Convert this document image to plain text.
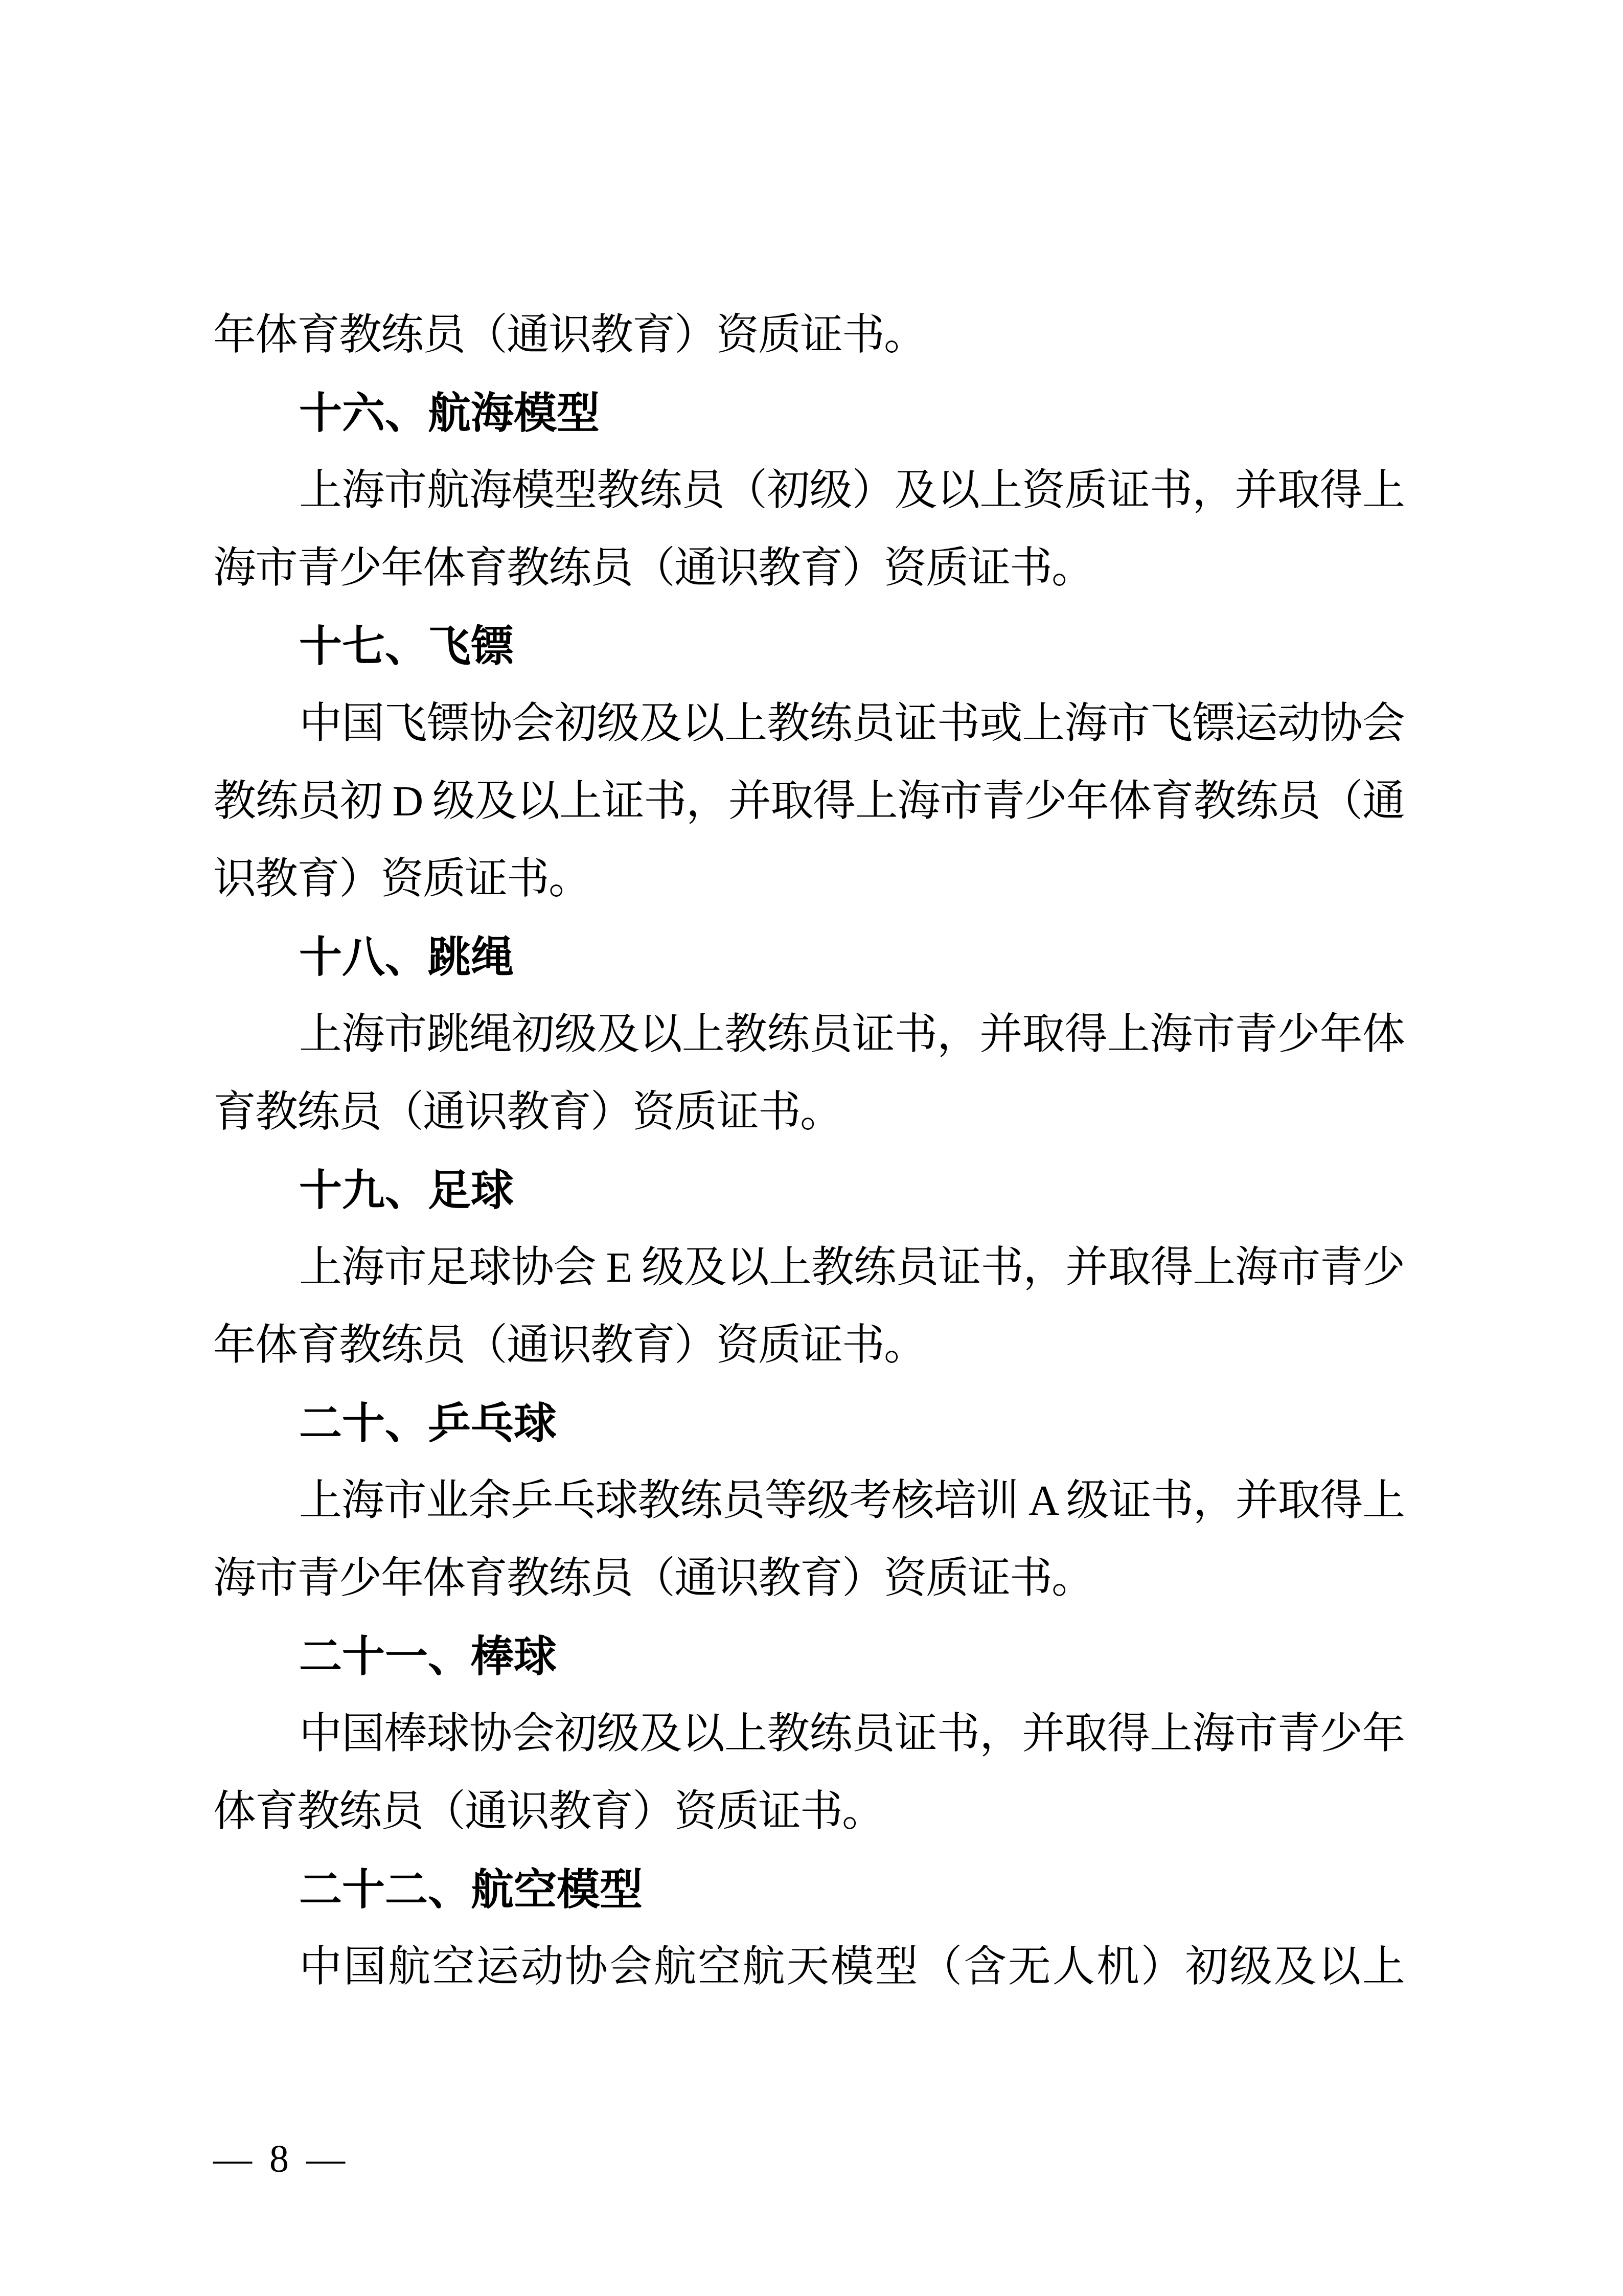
年体育教练员（通识教育）资质证书。
十六、航海模型
上海市航海模型教练员（初级）及以上资质证书，并取得上
海市青少年体育教练员（通识教育）资质证书。
十七、飞镖
中国飞镖协会初级及以上教练员证书或上海市飞镖运动协会
教练员初 D 级及以上证书，并取得上海市青少年体育教练员（通
识教育）资质证书。
十八、跳绳
上海市跳绳初级及以上教练员证书，并取得上海市青少年体
育教练员（通识教育）资质证书。
十九、足球
上海市足球协会 E 级及以上教练员证书，并取得上海市青少
年体育教练员（通识教育）资质证书。
二十、乒乓球
上海市业余乒乓球教练员等级考核培训 A 级证书，并取得上
海市青少年体育教练员（通识教育）资质证书。
二十一、棒球
中国棒球协会初级及以上教练员证书，并取得上海市青少年
体育教练员（通识教育）资质证书。
二十二、航空模型
中国航空运动协会航空航天模型（含无人机）初级及以上
— 8 —
